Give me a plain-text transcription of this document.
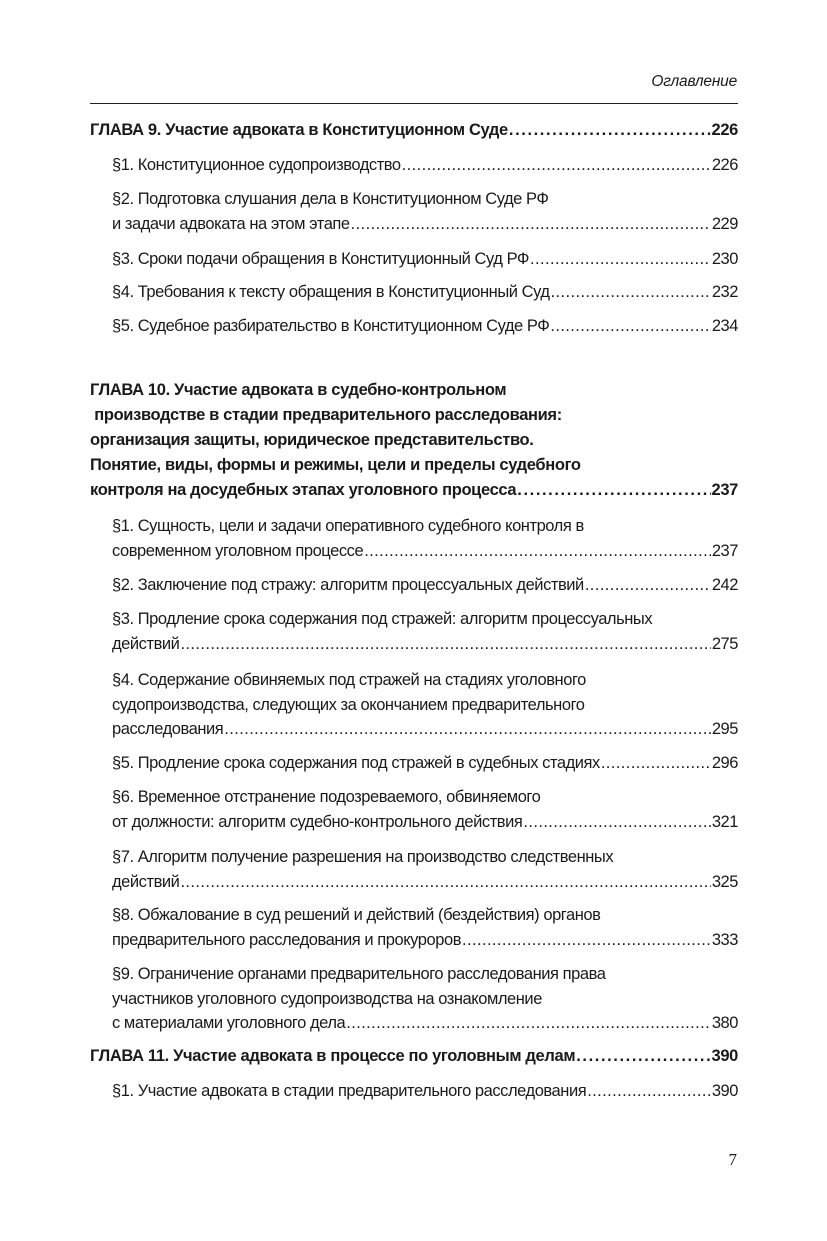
Оглавление
ГЛАВА 9. Участие адвоката в Конституционном Суде .....	226
§1. Конституционное судопроизводство .....	226
§2. Подготовка слушания дела в Конституционном Суде РФ
и задачи адвоката на этом этапе .....	229
§3. Сроки подачи обращения в Конституционный Суд РФ .....	230
§4. Требования к тексту обращения в Конституционный Суд .....	232
§5. Судебное разбирательство в Конституционном Суде РФ .....	234
ГЛАВА 10. Участие адвоката в судебно-контрольном
производстве в стадии предварительного расследования:
организация защиты, юридическое представительство.
Понятие, виды, формы и режимы, цели и пределы судебного
контроля на досудебных этапах уголовного процесса .....	237
§1. Сущность, цели и задачи оперативного судебного контроля в
современном уголовном процессе .....	237
§2. Заключение под стражу: алгоритм процессуальных действий .....	242
§3. Продление срока содержания под стражей: алгоритм процессуальных
действий .....	275
§4. Содержание обвиняемых под стражей на стадиях уголовного
судопроизводства, следующих за окончанием предварительного
расследования .....	295
§5. Продление срока содержания под стражей в судебных стадиях .....	296
§6. Временное отстранение подозреваемого, обвиняемого
от должности: алгоритм судебно-контрольного действия .....	321
§7. Алгоритм получение разрешения на производство следственных
действий .....	325
§8. Обжалование в суд решений и действий (бездействия) органов
предварительного расследования и прокуроров .....	333
§9. Ограничение органами предварительного расследования права
участников уголовного судопроизводства на ознакомление
с материалами уголовного дела .....	380
ГЛАВА 11. Участие адвоката в процессе по уголовным делам .....	390
§1. Участие адвоката в стадии предварительного расследования .....	390
7
